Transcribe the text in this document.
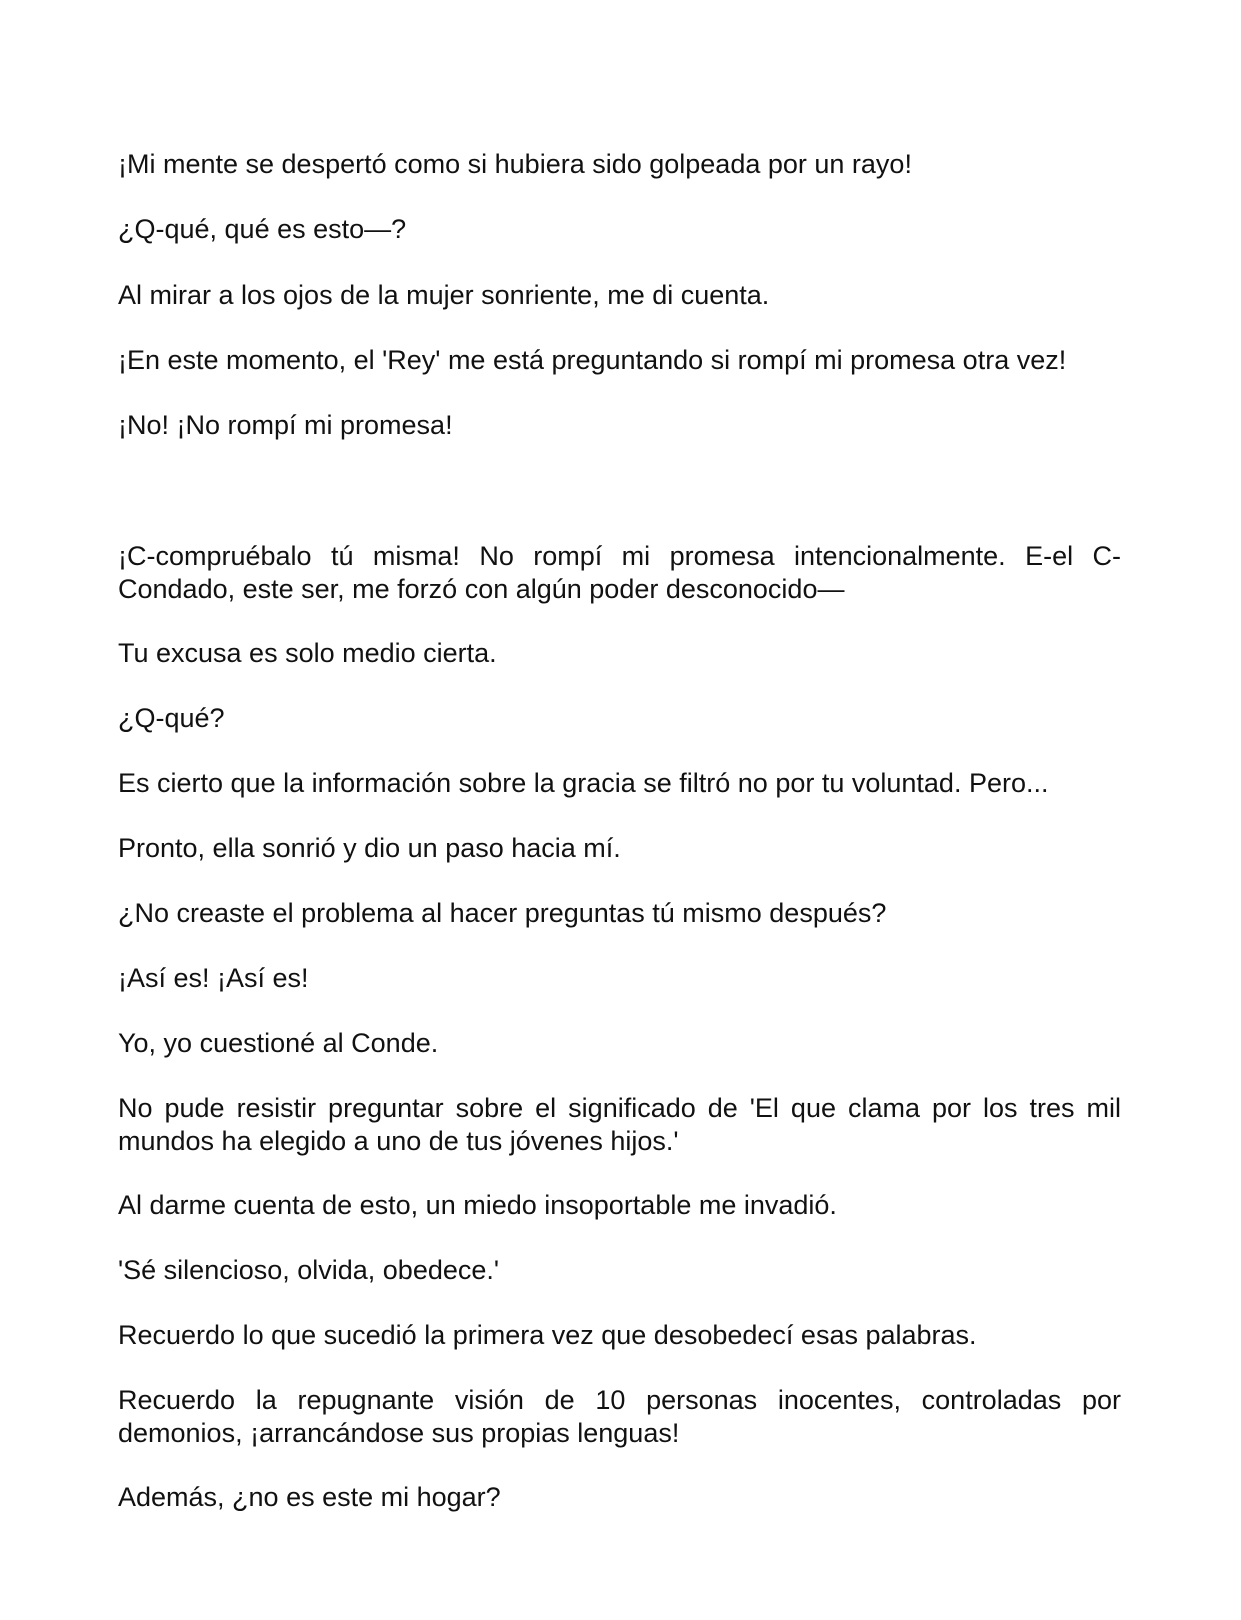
¡Mi mente se despertó como si hubiera sido golpeada por un rayo!

¿Q-qué, qué es esto—?

Al mirar a los ojos de la mujer sonriente, me di cuenta.

¡En este momento, el 'Rey' me está preguntando si rompí mi promesa otra vez!

¡No! ¡No rompí mi promesa!

¡C-compruébalo tú misma! No rompí mi promesa intencionalmente. E-el C-Condado, este ser, me forzó con algún poder desconocido—

Tu excusa es solo medio cierta.

¿Q-qué?

Es cierto que la información sobre la gracia se filtró no por tu voluntad. Pero...

Pronto, ella sonrió y dio un paso hacia mí.

¿No creaste el problema al hacer preguntas tú mismo después?

¡Así es! ¡Así es!

Yo, yo cuestioné al Conde.

No pude resistir preguntar sobre el significado de 'El que clama por los tres mil mundos ha elegido a uno de tus jóvenes hijos.'

Al darme cuenta de esto, un miedo insoportable me invadió.

'Sé silencioso, olvida, obedece.'

Recuerdo lo que sucedió la primera vez que desobedecí esas palabras.

Recuerdo la repugnante visión de 10 personas inocentes, controladas por demonios, ¡arrancándose sus propias lenguas!

Además, ¿no es este mi hogar?
